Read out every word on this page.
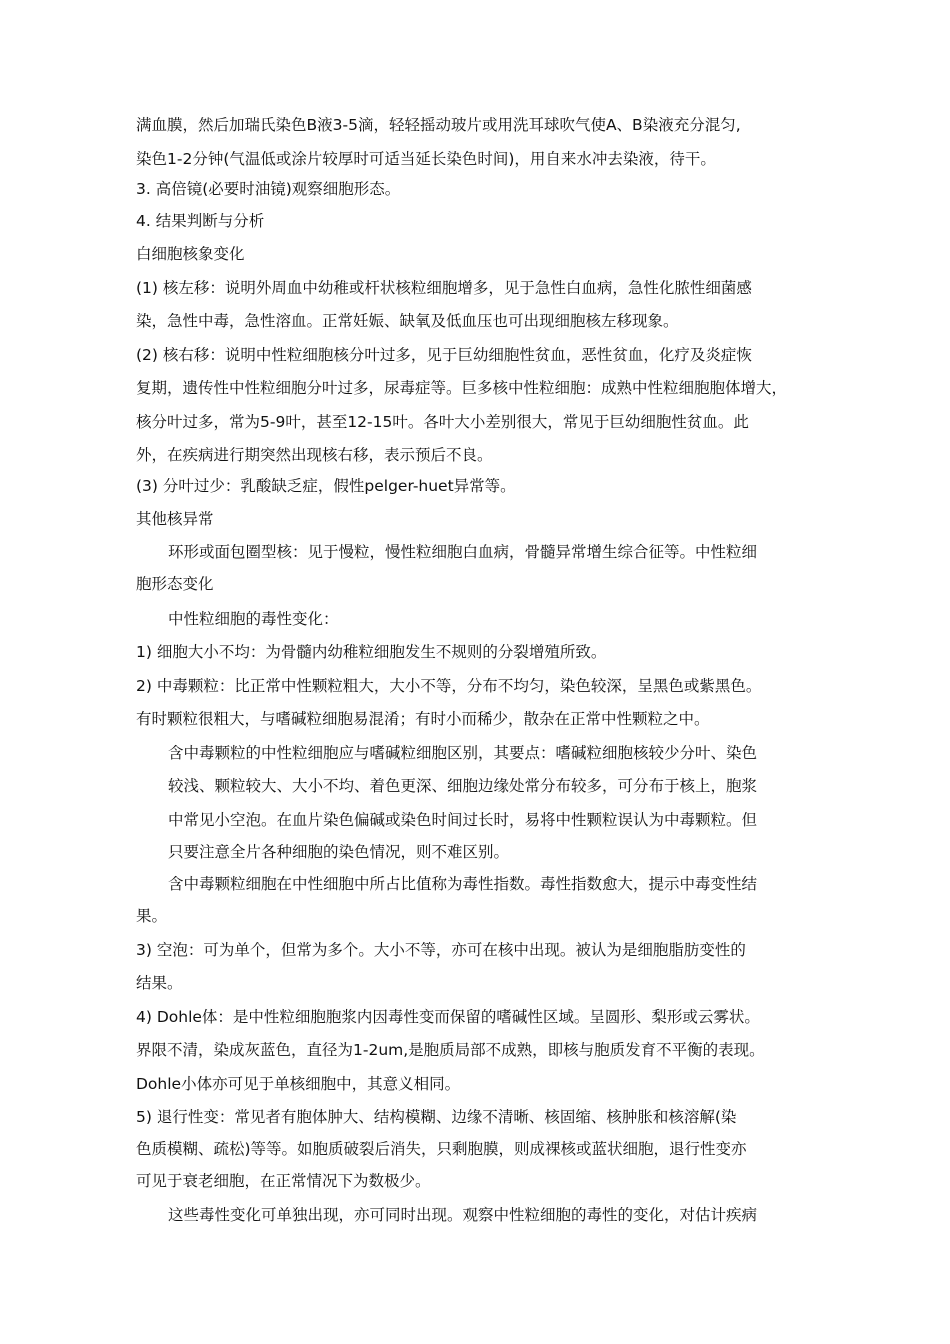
满血膜，然后加瑞氏染色B液3-5滴，轻轻摇动玻片或用洗耳球吹气使A、B染液充分混匀,
染色1-2分钟(气温低或涂片较厚时可适当延长染色时间)，用自来水冲去染液，待干。
3. 高倍镜(必要时油镜)观察细胞形态。
4. 结果判断与分析
白细胞核象变化
(1) 核左移：说明外周血中幼稚或杆状核粒细胞增多，见于急性白血病，急性化脓性细菌感
染，急性中毒，急性溶血。正常妊娠、缺氧及低血压也可出现细胞核左移现象。
(2) 核右移：说明中性粒细胞核分叶过多，见于巨幼细胞性贫血，恶性贫血，化疗及炎症恢
复期，遗传性中性粒细胞分叶过多，尿毒症等。巨多核中性粒细胞：成熟中性粒细胞胞体增大，
核分叶过多，常为5-9叶，甚至12-15叶。各叶大小差别很大，常见于巨幼细胞性贫血。此
外，在疾病进行期突然出现核右移，表示预后不良。
(3) 分叶过少：乳酸缺乏症，假性pelger-huet异常等。
其他核异常
环形或面包圈型核：见于慢粒，慢性粒细胞白血病，骨髓异常增生综合征等。中性粒细
胞形态变化
中性粒细胞的毒性变化：
1) 细胞大小不均：为骨髓内幼稚粒细胞发生不规则的分裂增殖所致。
2) 中毒颗粒：比正常中性颗粒粗大，大小不等，分布不均匀，染色较深，呈黑色或紫黑色。
有时颗粒很粗大，与嗜碱粒细胞易混淆；有时小而稀少，散杂在正常中性颗粒之中。
含中毒颗粒的中性粒细胞应与嗜碱粒细胞区别，其要点：嗜碱粒细胞核较少分叶、染色
较浅、颗粒较大、大小不均、着色更深、细胞边缘处常分布较多，可分布于核上，胞浆
中常见小空泡。在血片染色偏碱或染色时间过长时，易将中性颗粒误认为中毒颗粒。但
只要注意全片各种细胞的染色情况，则不难区别。
含中毒颗粒细胞在中性细胞中所占比值称为毒性指数。毒性指数愈大，提示中毒变性结
果。
3) 空泡：可为单个，但常为多个。大小不等，亦可在核中出现。被认为是细胞脂肪变性的
结果。
4) Dohle体：是中性粒细胞胞浆内因毒性变而保留的嗜碱性区域。呈圆形、梨形或云雾状。
界限不清，染成灰蓝色，直径为1-2um,是胞质局部不成熟，即核与胞质发育不平衡的表现。
Dohle小体亦可见于单核细胞中，其意义相同。
5) 退行性变：常见者有胞体肿大、结构模糊、边缘不清晰、核固缩、核肿胀和核溶解(染
色质模糊、疏松)等等。如胞质破裂后消失，只剩胞膜，则成裸核或蓝状细胞，退行性变亦
可见于衰老细胞，在正常情况下为数极少。
这些毒性变化可单独出现，亦可同时出现。观察中性粒细胞的毒性的变化，对估计疾病
